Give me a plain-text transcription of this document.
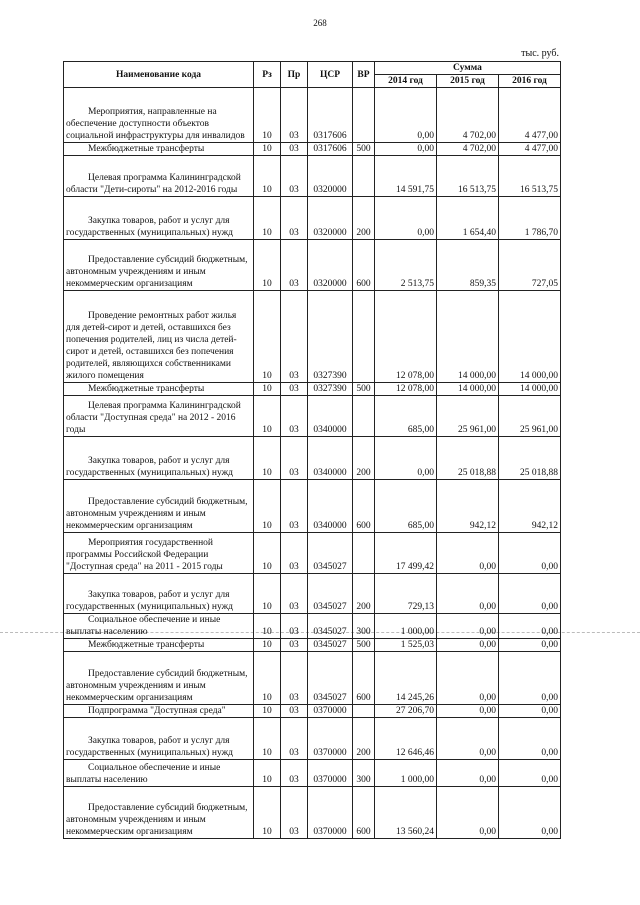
268
тыс. руб.
Наименование кода	Рз	Пр	ЦСР	ВР	Сумма		
					2014 год	2015 год	2016 год
Мероприятия, направленные на обеспечение доступности объектов социальной инфраструктуры для инвалидов	10	03	0317606		0,00	4 702,00	4 477,00
Межбюджетные трансферты	10	03	0317606	500	0,00	4 702,00	4 477,00
Целевая программа Калининградской области "Дети-сироты" на 2012-2016 годы	10	03	0320000		14 591,75	16 513,75	16 513,75
Закупка товаров, работ и услуг для государственных (муниципальных) нужд	10	03	0320000	200	0,00	1 654,40	1 786,70
Предоставление субсидий бюджетным, автономным учреждениям и иным некоммерческим организациям	10	03	0320000	600	2 513,75	859,35	727,05
Проведение ремонтных работ жилья для детей-сирот и детей, оставшихся без попечения родителей, лиц из числа детей-сирот и детей, оставшихся без попечения родителей, являющихся собственниками жилого помещения	10	03	0327390		12 078,00	14 000,00	14 000,00
Межбюджетные трансферты	10	03	0327390	500	12 078,00	14 000,00	14 000,00
Целевая программа Калининградской области "Доступная среда" на 2012 - 2016 годы	10	03	0340000		685,00	25 961,00	25 961,00
Закупка товаров, работ и услуг для государственных (муниципальных) нужд	10	03	0340000	200	0,00	25 018,88	25 018,88
Предоставление субсидий бюджетным, автономным учреждениям и иным некоммерческим организациям	10	03	0340000	600	685,00	942,12	942,12
Мероприятия государственной программы Российской Федерации "Доступная среда" на 2011 - 2015 годы	10	03	0345027		17 499,42	0,00	0,00
Закупка товаров, работ и услуг для государственных (муниципальных) нужд	10	03	0345027	200	729,13	0,00	0,00
Социальное обеспечение и иные выплаты населению	10	03	0345027	300	1 000,00	0,00	0,00
Межбюджетные трансферты	10	03	0345027	500	1 525,03	0,00	0,00
Предоставление субсидий бюджетным, автономным учреждениям и иным некоммерческим организациям	10	03	0345027	600	14 245,26	0,00	0,00
Подпрограмма "Доступная среда"	10	03	0370000		27 206,70	0,00	0,00
Закупка товаров, работ и услуг для государственных (муниципальных) нужд	10	03	0370000	200	12 646,46	0,00	0,00
Социальное обеспечение и иные выплаты населению	10	03	0370000	300	1 000,00	0,00	0,00
Предоставление субсидий бюджетным, автономным учреждениям и иным некоммерческим организациям	10	03	0370000	600	13 560,24	0,00	0,00
